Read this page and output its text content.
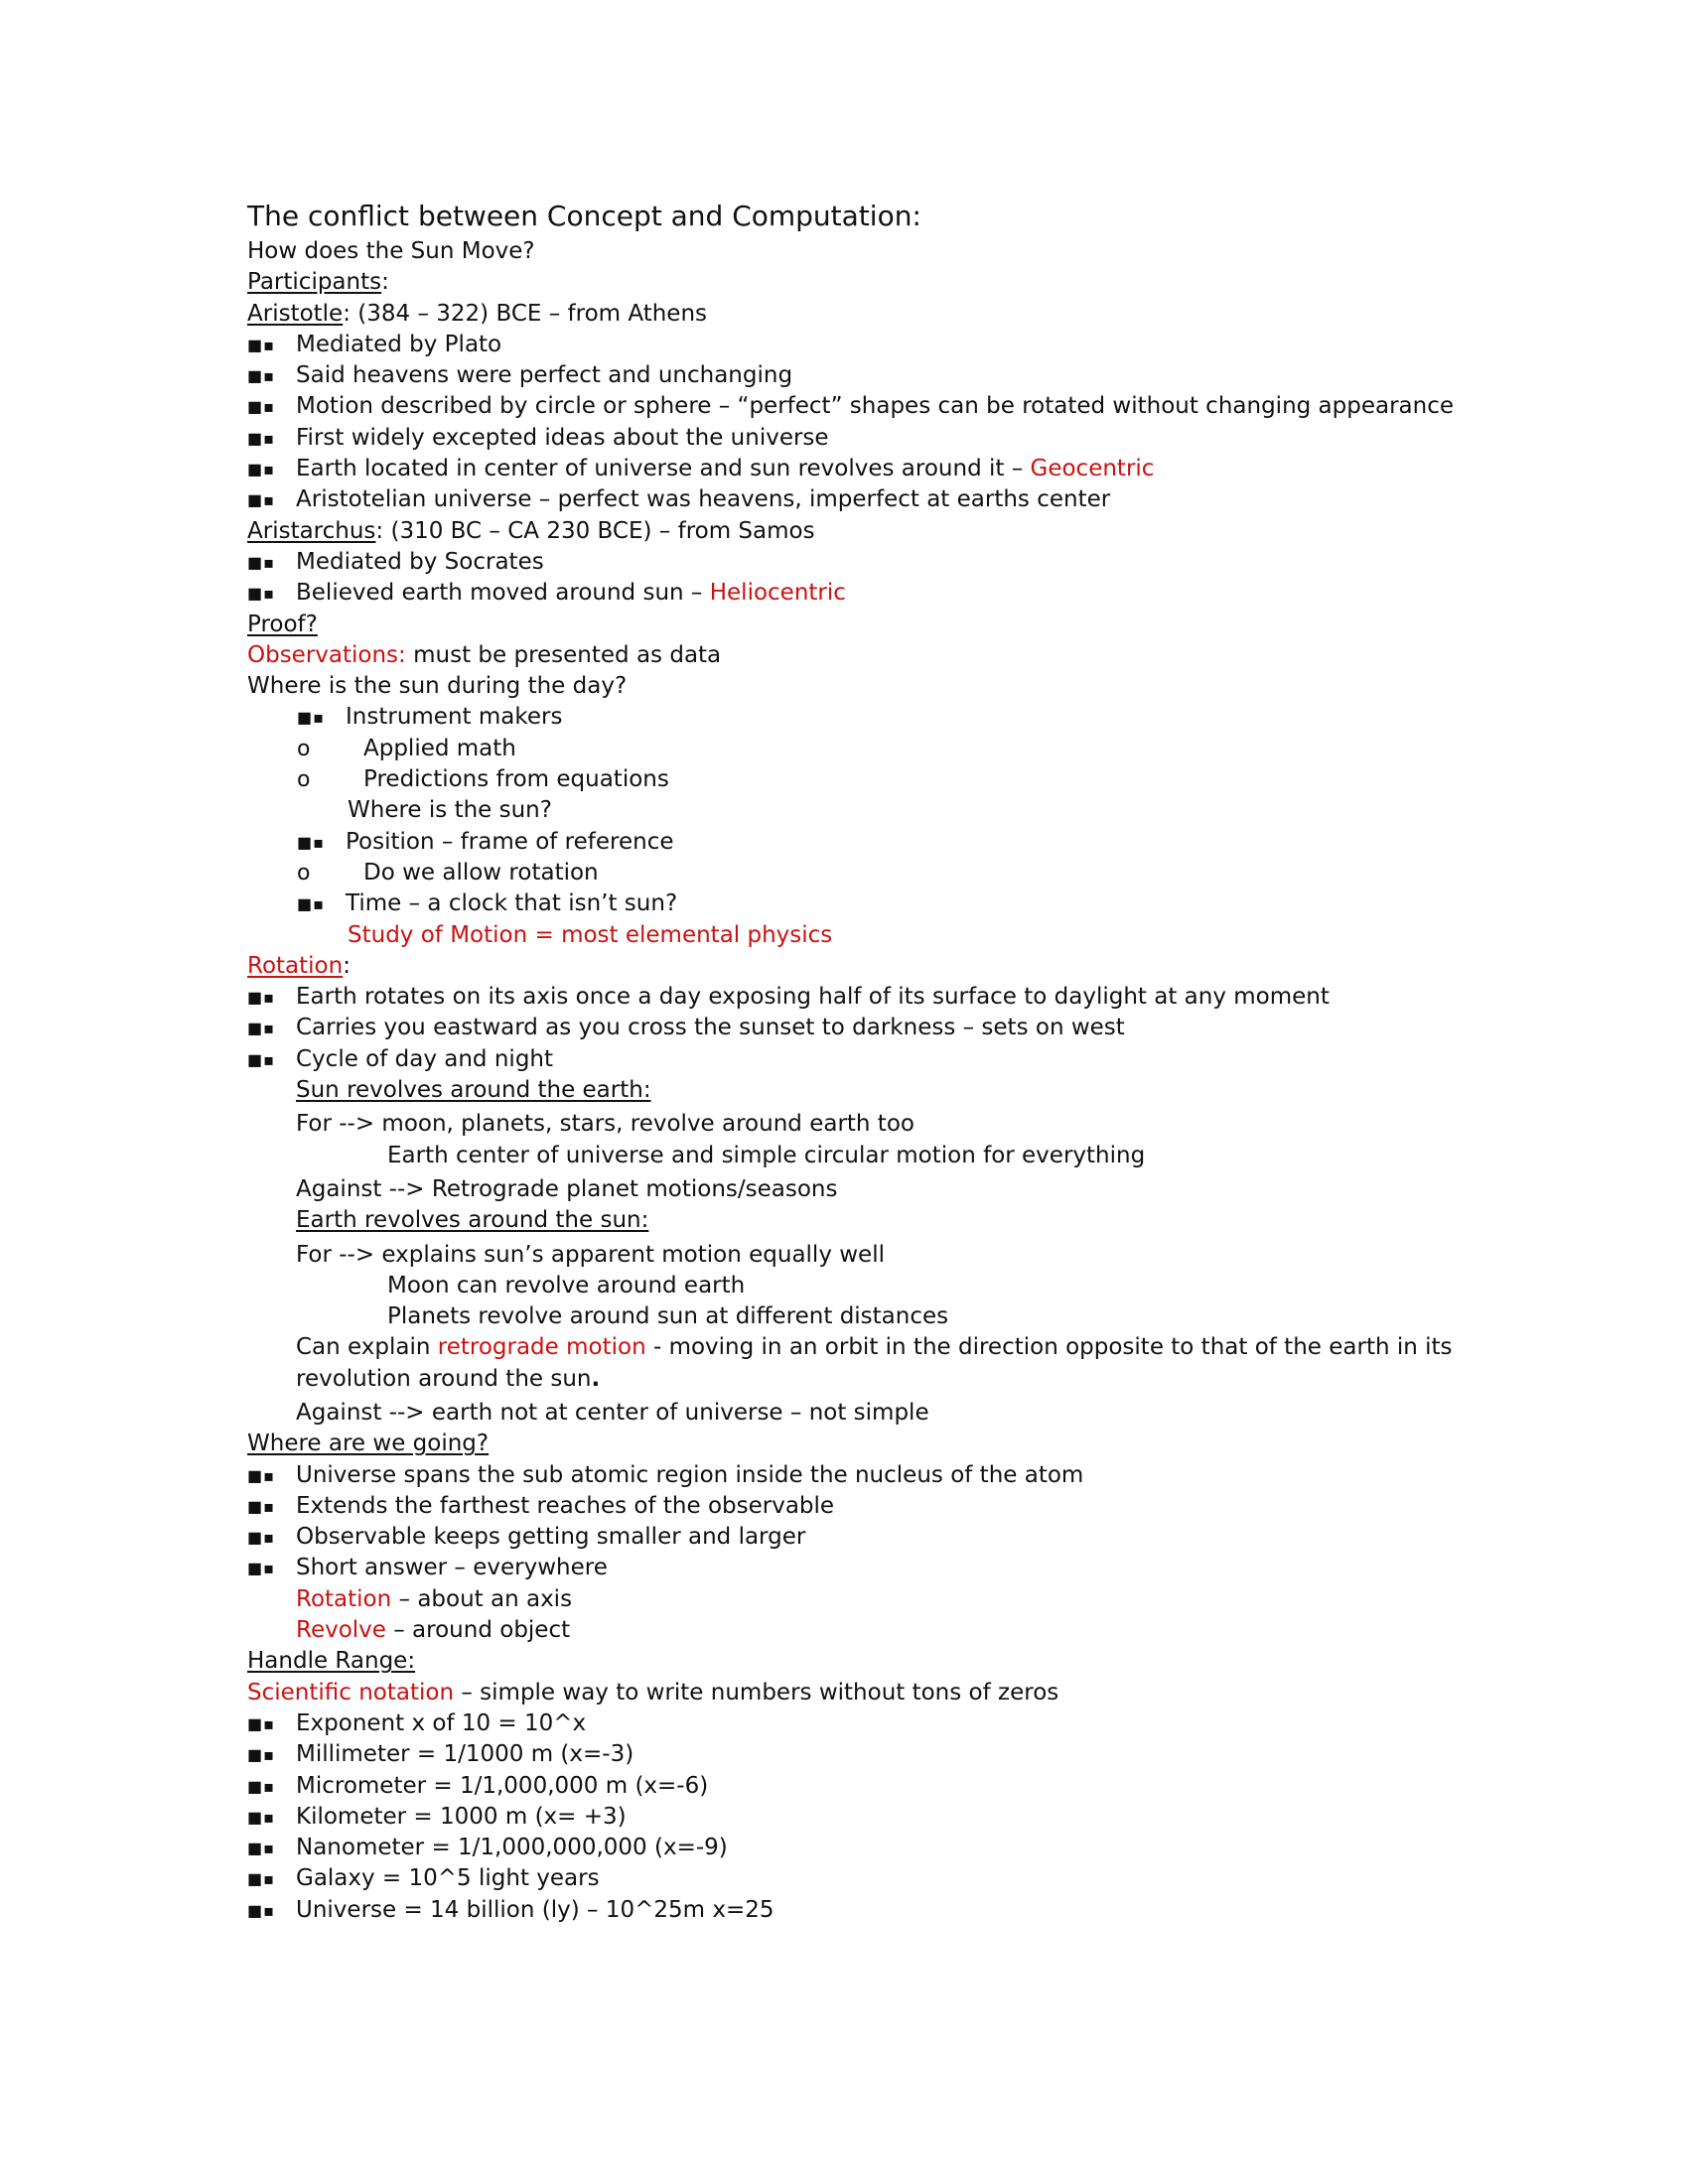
The conflict between Concept and Computation:
How does the Sun Move?
Participants:
Aristotle: (384 – 322) BCE – from Athens
■▪ Mediated by Plato
■▪ Said heavens were perfect and unchanging
■▪ Motion described by circle or sphere – “perfect” shapes can be rotated without changing appearance
■▪ First widely excepted ideas about the universe
■▪ Earth located in center of universe and sun revolves around it – Geocentric
■▪ Aristotelian universe – perfect was heavens, imperfect at earths center
Aristarchus: (310 BC – CA 230 BCE) – from Samos
■▪ Mediated by Socrates
■▪ Believed earth moved around sun – Heliocentric
Proof?
Observations: must be presented as data
Where is the sun during the day?
■▪ Instrument makers
o Applied math
o Predictions from equations
Where is the sun?
■▪ Position – frame of reference
o Do we allow rotation
■▪ Time – a clock that isn’t sun?
Study of Motion = most elemental physics
Rotation:
■▪ Earth rotates on its axis once a day exposing half of its surface to daylight at any moment
■▪ Carries you eastward as you cross the sunset to darkness – sets on west
■▪ Cycle of day and night
Sun revolves around the earth:
For --> moon, planets, stars, revolve around earth too
Earth center of universe and simple circular motion for everything
Against --> Retrograde planet motions/seasons
Earth revolves around the sun:
For --> explains sun’s apparent motion equally well
Moon can revolve around earth
Planets revolve around sun at different distances
Can explain retrograde motion - moving in an orbit in the direction opposite to that of the earth in its revolution around the sun.
Against --> earth not at center of universe – not simple
Where are we going?
■▪ Universe spans the sub atomic region inside the nucleus of the atom
■▪ Extends the farthest reaches of the observable
■▪ Observable keeps getting smaller and larger
■▪ Short answer – everywhere
Rotation – about an axis
Revolve – around object
Handle Range:
Scientific notation – simple way to write numbers without tons of zeros
■▪ Exponent x of 10 = 10^x
■▪ Millimeter = 1/1000 m (x=-3)
■▪ Micrometer = 1/1,000,000 m (x=-6)
■▪ Kilometer = 1000 m (x= +3)
■▪ Nanometer = 1/1,000,000,000 (x=-9)
■▪ Galaxy = 10^5 light years
■▪ Universe = 14 billion (ly) – 10^25m x=25
